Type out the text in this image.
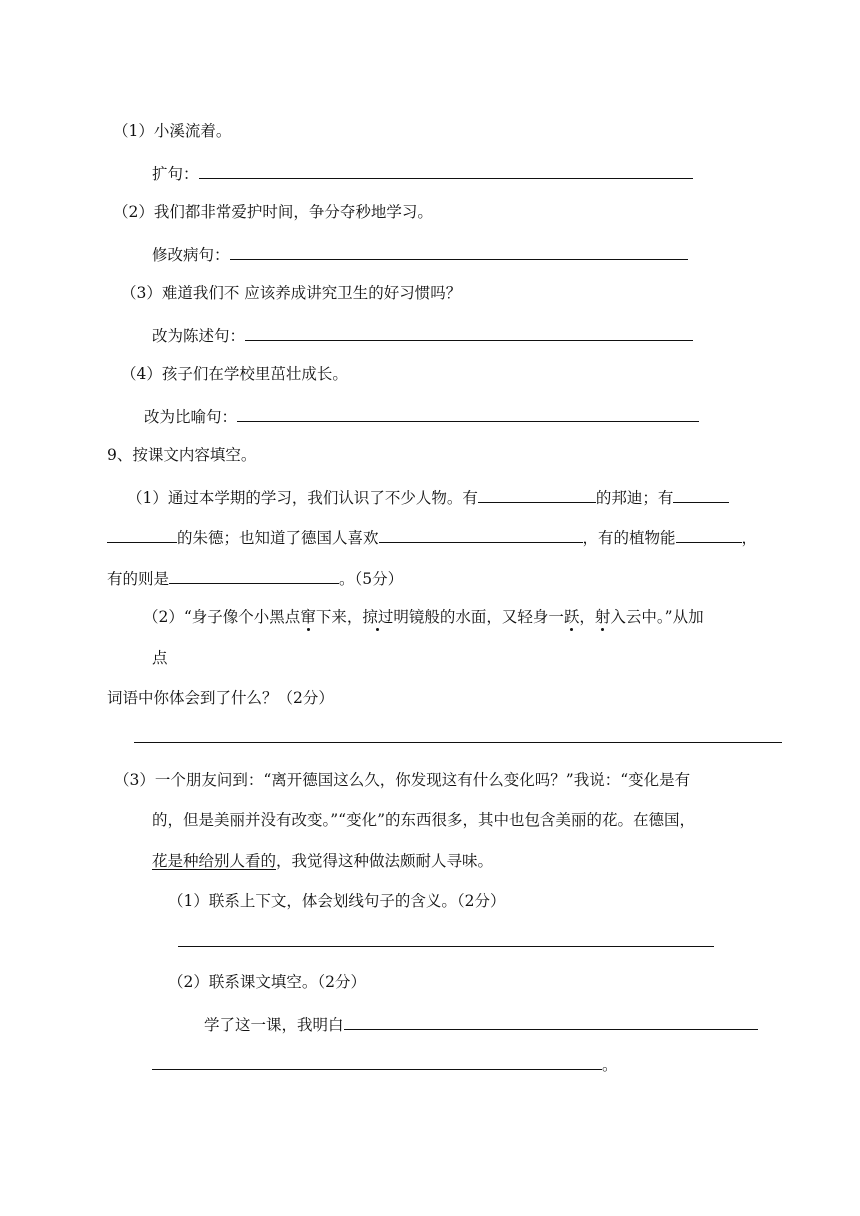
（1）小溪流着。
扩句：
（2）我们都非常爱护时间，争分夺秒地学习。
修改病句：
（3）难道我们不 应该养成讲究卫生的好习惯吗？
改为陈述句：
（4）孩子们在学校里茁壮成长。
改为比喻句：
9、按课文内容填空。
（1）通过本学期的学习，我们认识了不少人物。有	的邦迪；有
的朱德；也知道了德国人喜欢	，有的植物能	，
有的则是	。（5分）
（2）“身子像个小黑点窜下来，掠过明镜般的水面，又轻身一跃，射入云中。”从加
点
词语中你体会到了什么？（2分）
（3）一个朋友问到：“离开德国这么久，你发现这有什么变化吗？”我说：“变化是有
的，但是美丽并没有改变。”“变化”的东西很多，其中也包含美丽的花。在德国，
花是种给别人看的，我觉得这种做法颇耐人寻味。
（1）联系上下文，体会划线句子的含义。（2分）
（2）联系课文填空。（2分）
学了这一课，我明白
。
